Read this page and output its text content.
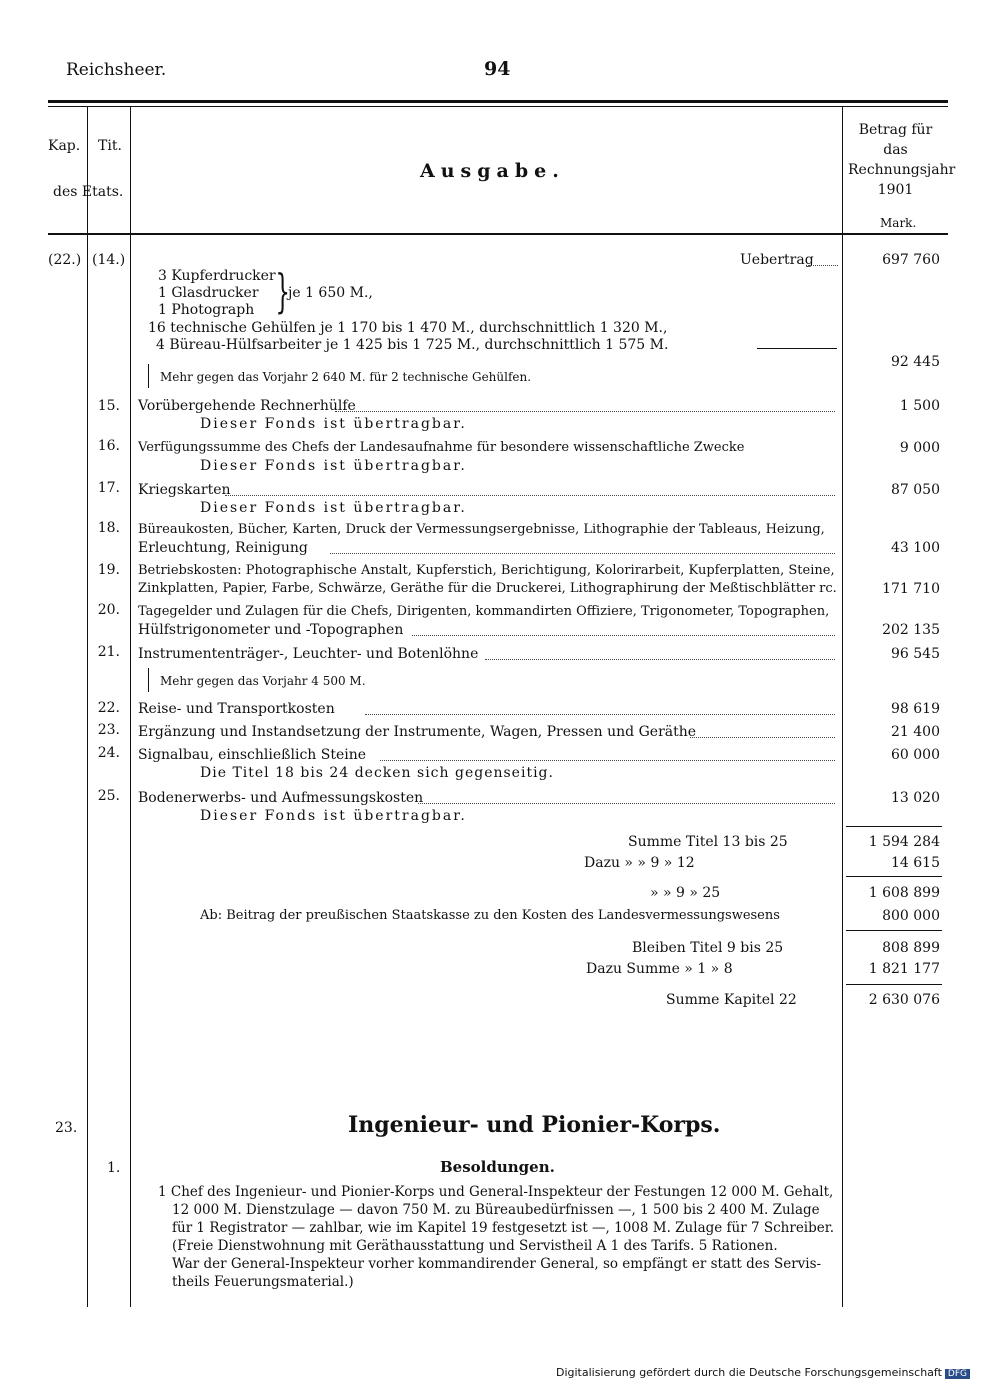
Reichsheer.	94
Kap. Tit.
des Etats.
Ausgabe.
Betrag für das Rechnungsjahr 1901
Mark.
(22.) (14.)	Uebertrag	697 760
3 Kupferdrucker
1 Glasdrucker
1 Photograph }
je 1 650 M.,
16 technische Gehülfen je 1 170 bis 1 470 M., durchschnittlich 1 320 M.,
4 Büreau-Hülfsarbeiter je 1 425 bis 1 725 M., durchschnittlich 1 575 M.
92 445
Mehr gegen das Vorjahr 2 640 M. für 2 technische Gehülfen.
15. Vorübergehende Rechnerhülfe	1 500
Dieser Fonds ist übertragbar.
16. Verfügungssumme des Chefs der Landesaufnahme für besondere wissenschaftliche Zwecke	9 000
Dieser Fonds ist übertragbar.
17. Kriegskarten	87 050
Dieser Fonds ist übertragbar.
18. Büreaukosten, Bücher, Karten, Druck der Vermessungsergebnisse, Lithographie der Tableaus, Heizung,
Erleuchtung, Reinigung	43 100
19. Betriebskosten: Photographische Anstalt, Kupferstich, Berichtigung, Kolorirarbeit, Kupferplatten, Steine,
Zinkplatten, Papier, Farbe, Schwärze, Geräthe für die Druckerei, Lithographirung der Meßtischblätter rc.	171 710
20. Tagegelder und Zulagen für die Chefs, Dirigenten, kommandirten Offiziere, Trigonometer, Topographen,
Hülfstrigonometer und -Topographen	202 135
21. Instrumententräger-, Leuchter- und Botenlöhne	96 545
Mehr gegen das Vorjahr 4 500 M.
22. Reise- und Transportkosten	98 619
23. Ergänzung und Instandsetzung der Instrumente, Wagen, Pressen und Geräthe	21 400
24. Signalbau, einschließlich Steine	60 000
Die Titel 18 bis 24 decken sich gegenseitig.
25. Bodenerwerbs- und Aufmessungskosten	13 020
Dieser Fonds ist übertragbar.
Summe Titel 13 bis 25	1 594 284
Dazu » » 9 » 12	14 615
» » 9 » 25	1 608 899
Ab: Beitrag der preußischen Staatskasse zu den Kosten des Landesvermessungswesens	800 000
Bleiben Titel 9 bis 25	808 899
Dazu Summe » 1 » 8	1 821 177
Summe Kapitel 22	2 630 076
23.	Ingenieur- und Pionier-Korps.
1.	Besoldungen.
1 Chef des Ingenieur- und Pionier-Korps und General-Inspekteur der Festungen 12 000 M. Gehalt,
12 000 M. Dienstzulage — davon 750 M. zu Büreaubedürfnissen —, 1 500 bis 2 400 M. Zulage
für 1 Registrator — zahlbar, wie im Kapitel 19 festgesetzt ist —, 1008 M. Zulage für 7 Schreiber.
(Freie Dienstwohnung mit Geräthausstattung und Servistheil A 1 des Tarifs. 5 Rationen.
War der General-Inspekteur vorher kommandirender General, so empfängt er statt des Servis-
theils Feuerungsmaterial.)
Digitalisierung gefördert durch die Deutsche Forschungsgemeinschaft DFG
